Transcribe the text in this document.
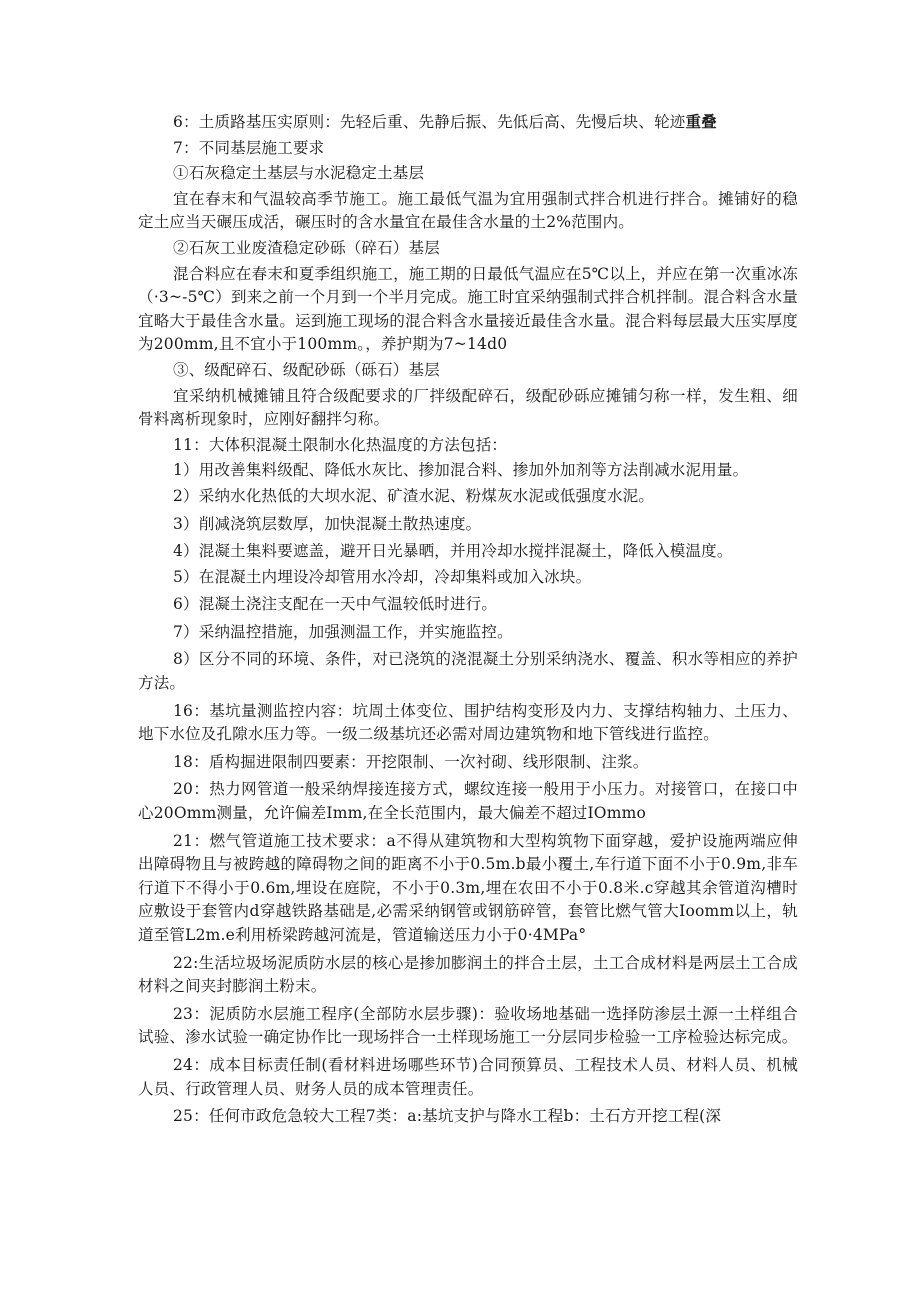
6：土质路基压实原则：先轻后重、先静后振、先低后高、先慢后块、轮迹重叠
7：不同基层施工要求
①石灰稳定土基层与水泥稳定土基层
宜在春末和气温较高季节施工。施工最低气温为宜用强制式拌合机进行拌合。摊铺好的稳定土应当天碾压成活，碾压时的含水量宜在最佳含水量的土2%范围内。
②石灰工业废渣稳定砂砾（碎石）基层
混合料应在春末和夏季组织施工，施工期的日最低气温应在5℃以上，并应在第一次重冰冻（·3~-5℃）到来之前一个月到一个半月完成。施工时宜采纳强制式拌合机拌制。混合料含水量宜略大于最佳含水量。运到施工现场的混合料含水量接近最佳含水量。混合料每层最大压实厚度为200mm,且不宜小于100mm。，养护期为7~14d0
③、级配碎石、级配砂砾（砾石）基层
宜采纳机械摊铺且符合级配要求的厂拌级配碎石，级配砂砾应摊铺匀称一样，发生粗、细骨料离析现象时，应刚好翻拌匀称。
11：大体积混凝土限制水化热温度的方法包括：
1）用改善集料级配、降低水灰比、掺加混合料、掺加外加剂等方法削减水泥用量。
2）采纳水化热低的大坝水泥、矿渣水泥、粉煤灰水泥或低强度水泥。
3）削减浇筑层数厚，加快混凝土散热速度。
4）混凝土集料要遮盖，避开日光暴晒，并用冷却水搅拌混凝土，降低入模温度。
5）在混凝土内埋设冷却管用水冷却，冷却集料或加入冰块。
6）混凝土浇注支配在一天中气温较低时进行。
7）采纳温控措施，加强测温工作，并实施监控。
8）区分不同的环境、条件，对已浇筑的浇混凝土分别采纳浇水、覆盖、积水等相应的养护方法。
16：基坑量测监控内容：坑周土体变位、围护结构变形及内力、支撑结构轴力、土压力、地下水位及孔隙水压力等。一级二级基坑还必需对周边建筑物和地下管线进行监控。
18：盾构掘进限制四要素：开挖限制、一次衬砌、线形限制、注浆。
20：热力网管道一般采纳焊接连接方式，螺纹连接一般用于小压力。对接管口，在接口中心20Omm测量，允许偏差Imm,在全长范围内，最大偏差不超过IOmmo
21：燃气管道施工技术要求：a不得从建筑物和大型构筑物下面穿越，爱护设施两端应伸出障碍物且与被跨越的障碍物之间的距离不小于0.5m.b最小覆土,车行道下面不小于0.9m,非车行道下不得小于0.6m,埋设在庭院，不小于0.3m,埋在农田不小于0.8米.c穿越其余管道沟槽时应敷设于套管内d穿越铁路基础是,必需采纳钢管或钢筋碎管，套管比燃气管大Ioomm以上，轨道至管L2m.e利用桥梁跨越河流是，管道输送压力小于0·4MPa°
22:生活垃圾场泥质防水层的核心是掺加膨润土的拌合土层，土工合成材料是两层土工合成材料之间夹封膨润土粉末。
23：泥质防水层施工程序(全部防水层步骤)：验收场地基础一选择防渗层土源一土样组合试验、渗水试验一确定协作比一现场拌合一土样现场施工一分层同步检验一工序检验达标完成。
24：成本目标责任制(看材料进场哪些环节)合同预算员、工程技术人员、材料人员、机械人员、行政管理人员、财务人员的成本管理责任。
25：任何市政危急较大工程7类：a:基坑支护与降水工程b：土石方开挖工程(深
